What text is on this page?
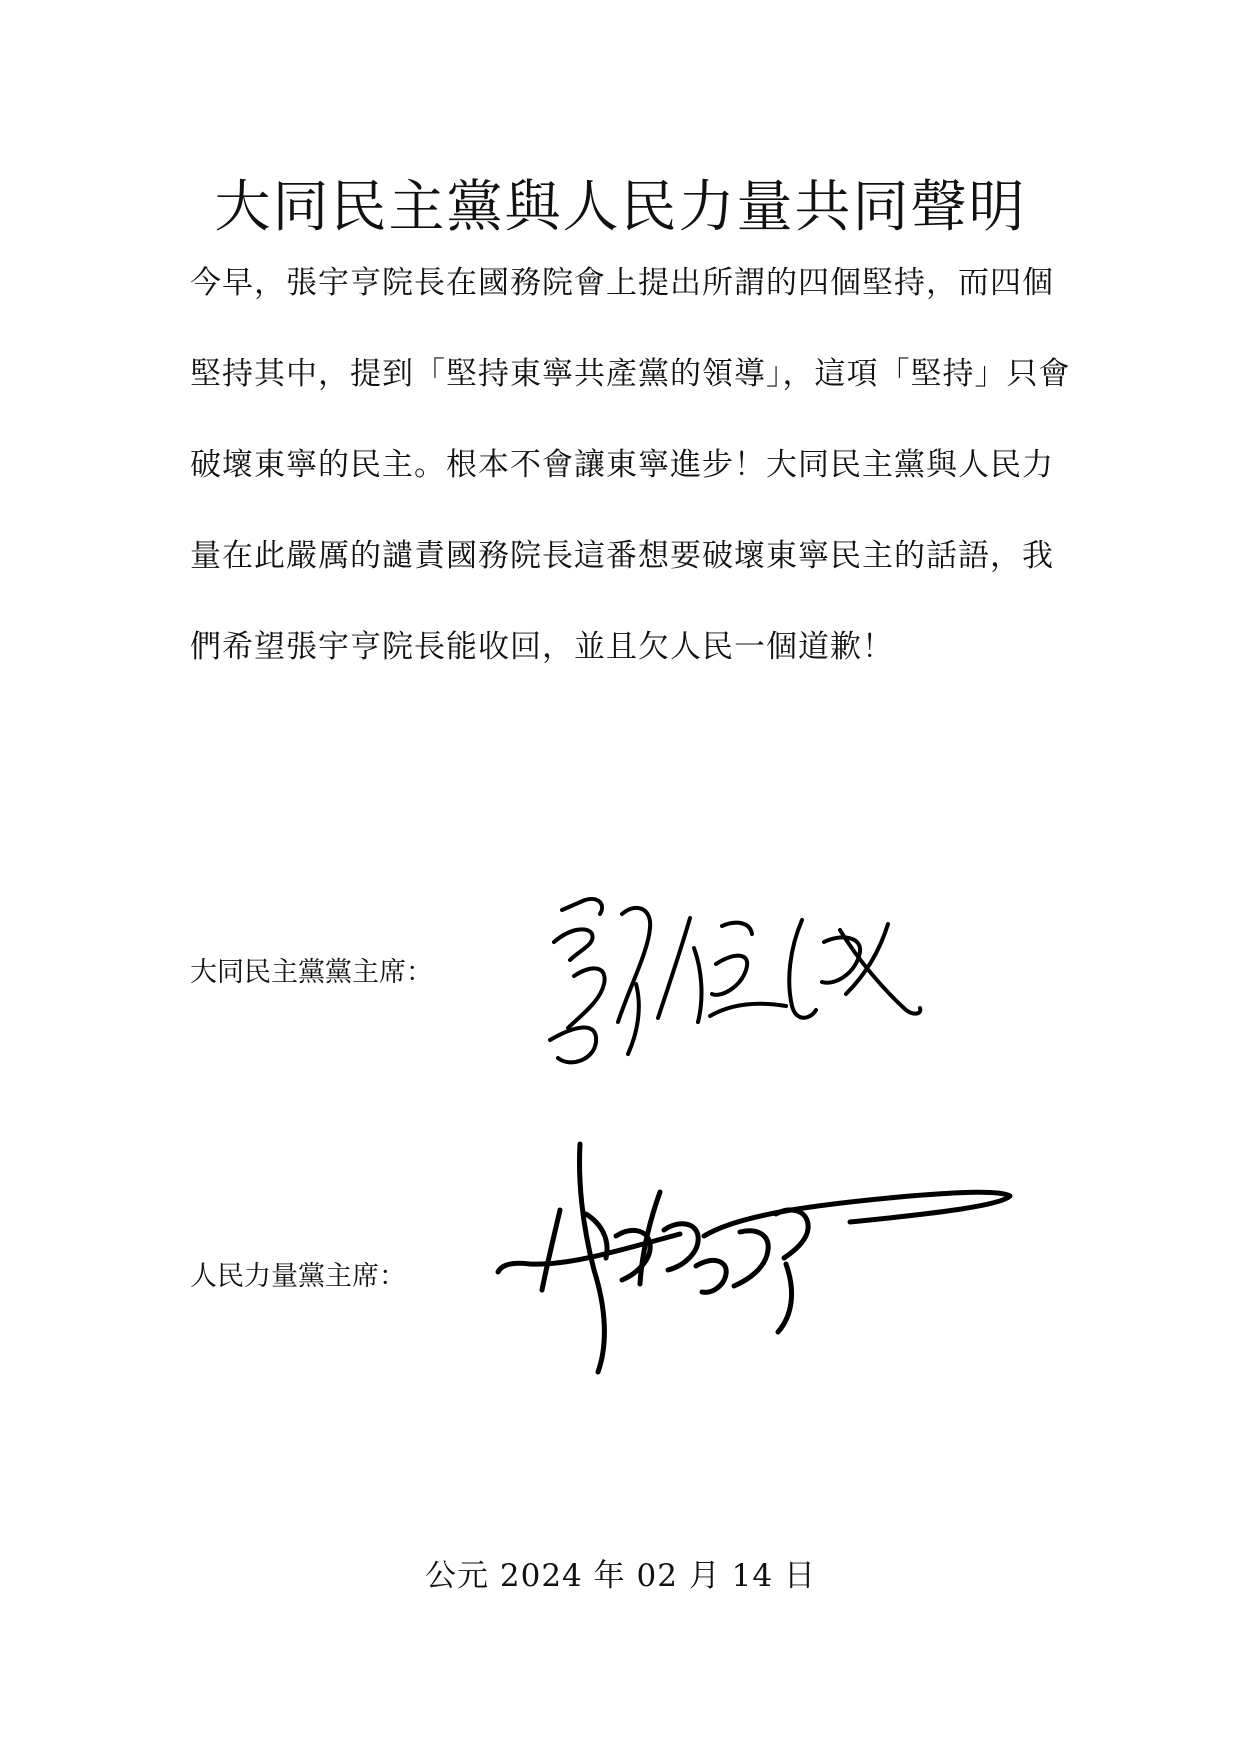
大同民主黨與人民力量共同聲明
今早，張宇亨院長在國務院會上提出所謂的四個堅持，而四個
堅持其中，提到「堅持東寧共產黨的領導」，這項「堅持」只會
破壞東寧的民主。根本不會讓東寧進步！大同民主黨與人民力
量在此嚴厲的譴責國務院長這番想要破壞東寧民主的話語，我
們希望張宇亨院長能收回，並且欠人民一個道歉！
大同民主黨黨主席：
人民力量黨主席：
公元 2024 年 02 月 14 日
